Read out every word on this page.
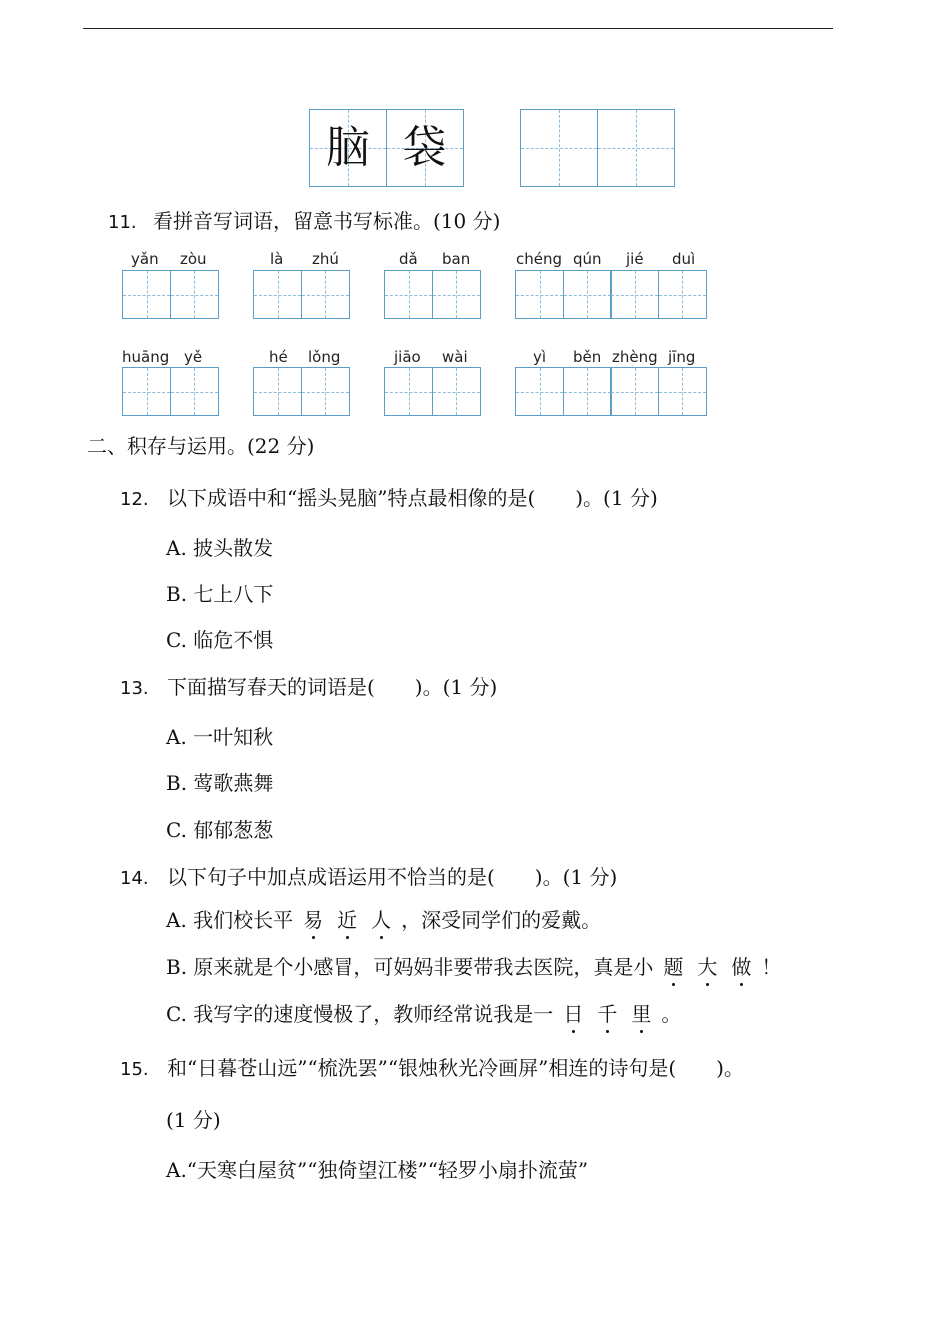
脑 袋
11. 看拼音写词语，留意书写标准。(10 分)
yǎn zòu	là zhú	dǎ ban	chéng qún jié duì
huāng yě	hé lǒng	jiāo wài	yì běn zhèng jīng
二、积存与运用。(22 分)
12. 以下成语中和“摇头晃脑”特点最相像的是(　　)。(1 分)
A. 披头散发
B. 七上八下
C. 临危不惧
13. 下面描写春天的词语是(　　)。(1 分)
A. 一叶知秋
B. 莺歌燕舞
C. 郁郁葱葱
14. 以下句子中加点成语运用不恰当的是(　　)。(1 分)
A. 我们校长平 易 近 人 ，深受同学们的爱戴。
B. 原来就是个小感冒，可妈妈非要带我去医院，真是小 题 大 做 ！
C. 我写字的速度慢极了，教师经常说我是一 日 千 里 。
15. 和“日暮苍山远”“梳洗罢”“银烛秋光冷画屏”相连的诗句是(　　)。
(1 分)
A.“天寒白屋贫”“独倚望江楼”“轻罗小扇扑流萤”
